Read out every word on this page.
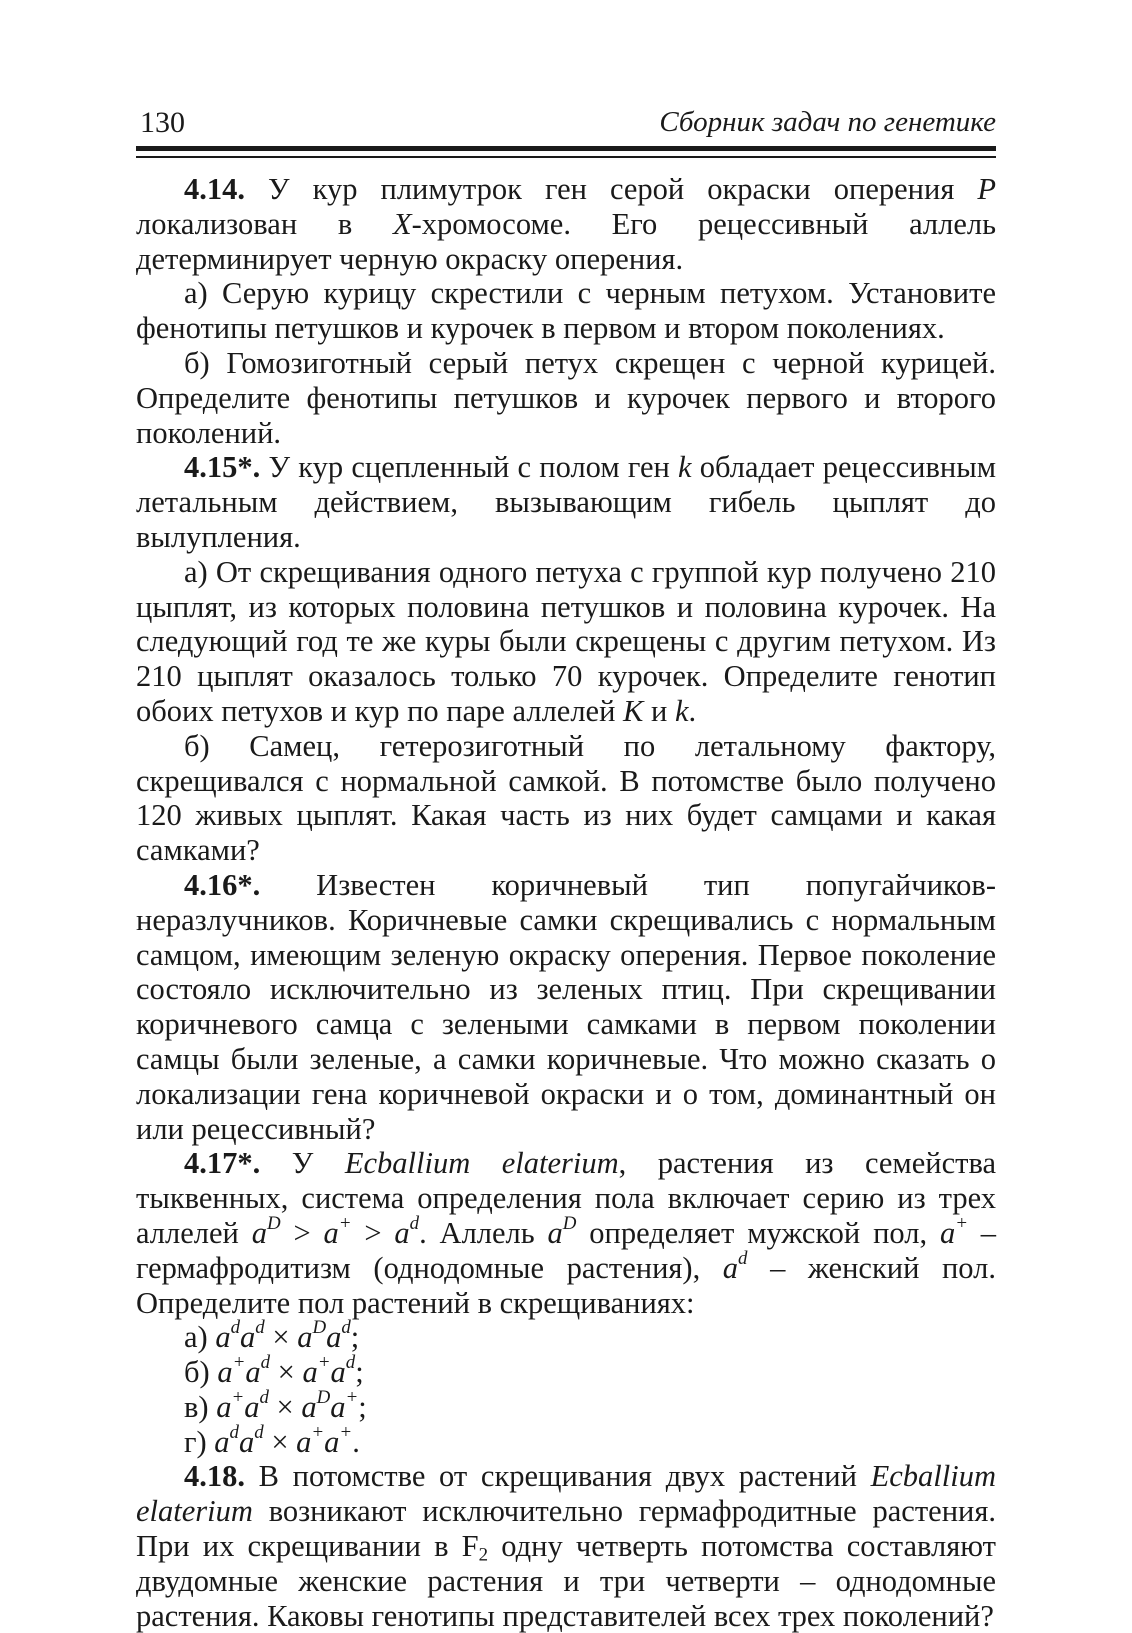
130	Сборник задач по генетике

4.14. У кур плимутрок ген серой окраски оперения P локализован в X-хромосоме. Его рецессивный аллель детерминирует черную окраску оперения.

а) Серую курицу скрестили с черным петухом. Установите фенотипы петушков и курочек в первом и втором поколениях.

б) Гомозиготный серый петух скрещен с черной курицей. Определите фенотипы петушков и курочек первого и второго поколений.

4.15*. У кур сцепленный с полом ген k обладает рецессивным летальным действием, вызывающим гибель цыплят до вылупления.

а) От скрещивания одного петуха с группой кур получено 210 цыплят, из которых половина петушков и половина курочек. На следующий год те же куры были скрещены с другим петухом. Из 210 цыплят оказалось только 70 курочек. Определите генотип обоих петухов и кур по паре аллелей K и k.

б) Самец, гетерозиготный по летальному фактору, скрещивался с нормальной самкой. В потомстве было получено 120 живых цыплят. Какая часть из них будет самцами и какая самками?

4.16*. Известен коричневый тип попугайчиков-неразлучников. Коричневые самки скрещивались с нормальным самцом, имеющим зеленую окраску оперения. Первое поколение состояло исключительно из зеленых птиц. При скрещивании коричневого самца с зелеными самками в первом поколении самцы были зеленые, а самки коричневые. Что можно сказать о локализации гена коричневой окраски и о том, доминантный он или рецессивный?

4.17*. У Ecballium elaterium, растения из семейства тыквенных, система определения пола включает серию из трех аллелей $a^D > a^+ > a^d$. Аллель $a^D$ определяет мужской пол, a+ – гермафродитизм (однодомные растения), $a^d$ – женский пол. Определите пол растений в скрещиваниях:

а) $a^da^d \times a^Da^d$;

б) $a^+a^d \times a^+a^d$;

в) $a^+a^d \times a^Da^+$;

г) $a^da^d \times a^+a^+$.

4.18. В потомстве от скрещивания двух растений Ecballium elaterium возникают исключительно гермафродитные растения. При их скрещивании в $F_2$ одну четверть потомства составляют двудомные женские растения и три четверти – однодомные растения. Каковы генотипы представителей всех трех поколений?
